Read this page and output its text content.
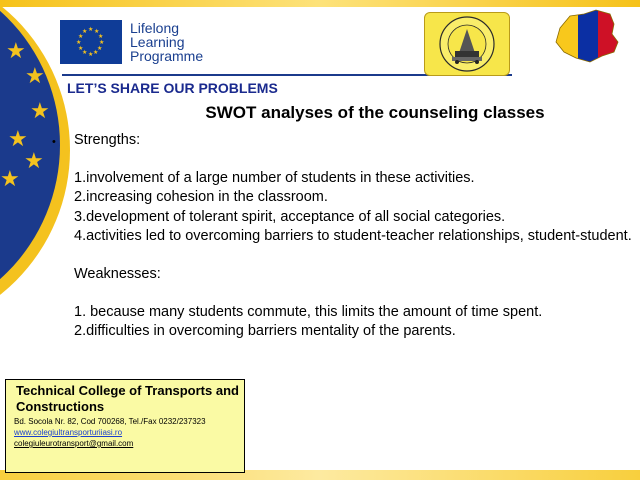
★
★
★
★
★
★
★ ★
★
★
★
★
★
★
★
★
★
★	Lifelong
Learning
Programme
LET’S SHARE OUR PROBLEMS
SWOT analyses of the counseling classes
•	Strengths:

1.involvement of a large number of students in these activities.

2.increasing cohesion in the classroom.

3.development of tolerant spirit, acceptance of all social categories.

4.activities led to overcoming barriers to student-teacher relationships, student-student.

Weaknesses:

1. because many students commute, this limits the amount of time spent.

2.difficulties in overcoming barriers mentality of the parents.

Technical College of Transports and Constructions
Bd. Socola Nr. 82, Cod 700268, Tel./Fax 0232/237323
www.colegiultransporturiiasi.ro
colegiuleurotransport@gmail.com
